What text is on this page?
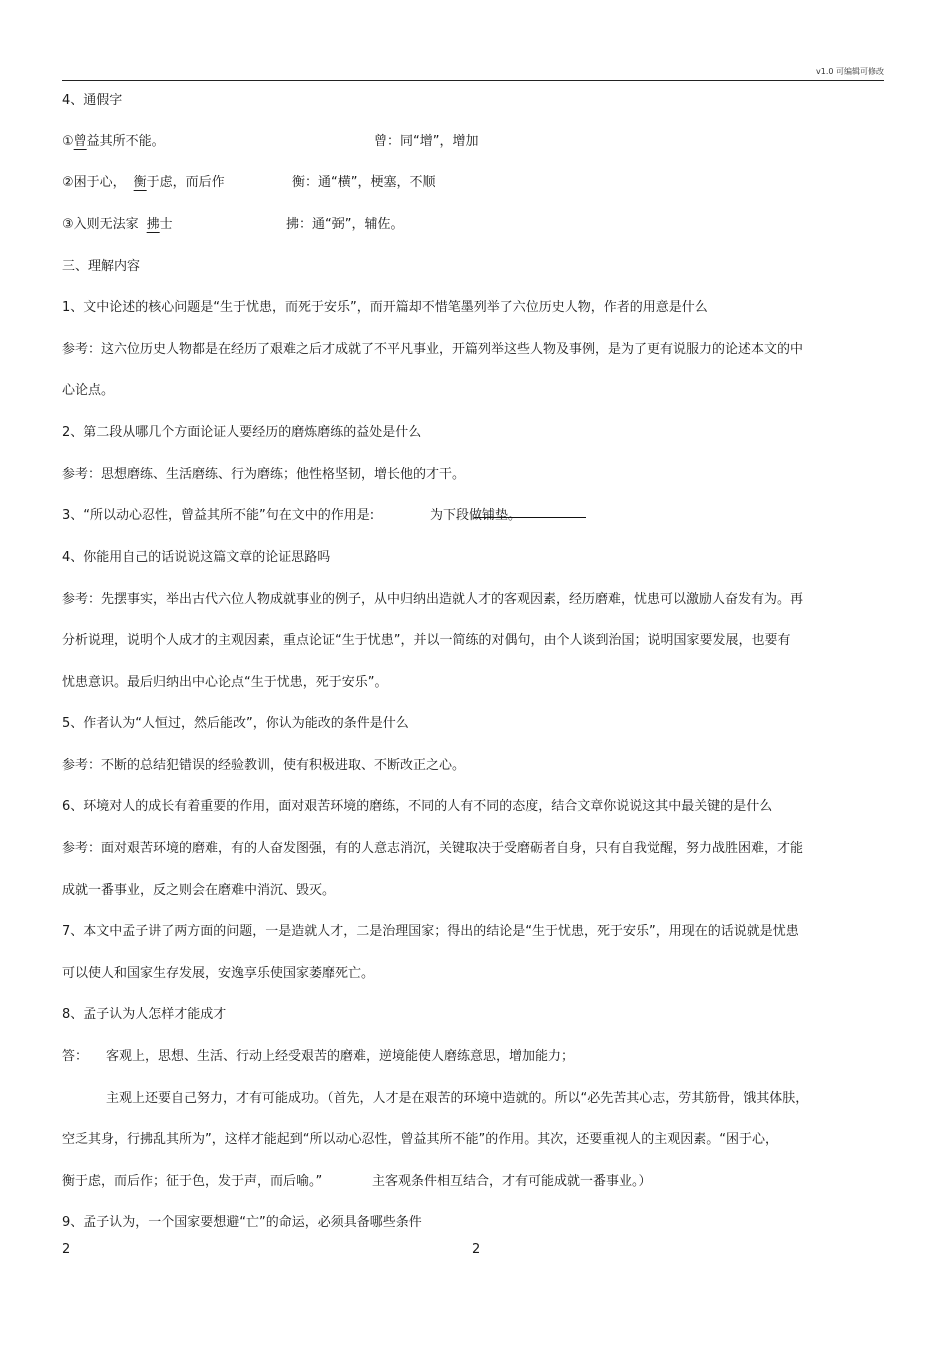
v1.0 可编辑可修改
4、通假字
①曾益其所不能。	曾：同“增”，增加
②困于心， 衡于虑，而后作	衡：通“横”，梗塞，不顺
③入则无法家 拂士	拂：通“弼”，辅佐。
三、理解内容
1、文中论述的核心问题是“生于忧患，而死于安乐”，而开篇却不惜笔墨列举了六位历史人物，作者的用意是什么
参考：这六位历史人物都是在经历了艰难之后才成就了不平凡事业，开篇列举这些人物及事例，是为了更有说服力的论述本文的中
心论点。
2、第二段从哪几个方面论证人要经历的磨炼磨练的益处是什么
参考：思想磨练、生活磨练、行为磨练；他性格坚韧，增长他的才干。
3、“所以动心忍性，曾益其所不能”句在文中的作用是:	为下段做铺垫。
4、你能用自己的话说说这篇文章的论证思路吗
参考：先摆事实，举出古代六位人物成就事业的例子，从中归纳出造就人才的客观因素，经历磨难，忧患可以激励人奋发有为。再
分析说理，说明个人成才的主观因素，重点论证“生于忧患”，并以一简练的对偶句，由个人谈到治国；说明国家要发展，也要有
忧患意识。最后归纳出中心论点“生于忧患，死于安乐”。
5、作者认为“人恒过，然后能改”，你认为能改的条件是什么
参考：不断的总结犯错误的经验教训，使有积极进取、不断改正之心。
6、环境对人的成长有着重要的作用，面对艰苦环境的磨练，不同的人有不同的态度，结合文章你说说这其中最关键的是什么
参考：面对艰苦环境的磨难，有的人奋发图强，有的人意志消沉，关键取决于受磨砺者自身，只有自我觉醒，努力战胜困难，才能
成就一番事业，反之则会在磨难中消沉、毁灭。
7、本文中孟子讲了两方面的问题，一是造就人才，二是治理国家；得出的结论是“生于忧患，死于安乐”，用现在的话说就是忧患
可以使人和国家生存发展，安逸享乐使国家萎靡死亡。
8、孟子认为人怎样才能成才
答： 客观上，思想、生活、行动上经受艰苦的磨难，逆境能使人磨练意思，增加能力；
主观上还要自己努力，才有可能成功。（首先，人才是在艰苦的环境中造就的。所以“必先苦其心志，劳其筋骨，饿其体肤，
空乏其身，行拂乱其所为”，这样才能起到“所以动心忍性，曾益其所不能”的作用。其次，还要重视人的主观因素。“困于心，
衡于虑，而后作；征于色，发于声，而后喻。”	主客观条件相互结合，才有可能成就一番事业。）
9、孟子认为，一个国家要想避“亡”的命运，必须具备哪些条件
2	2
